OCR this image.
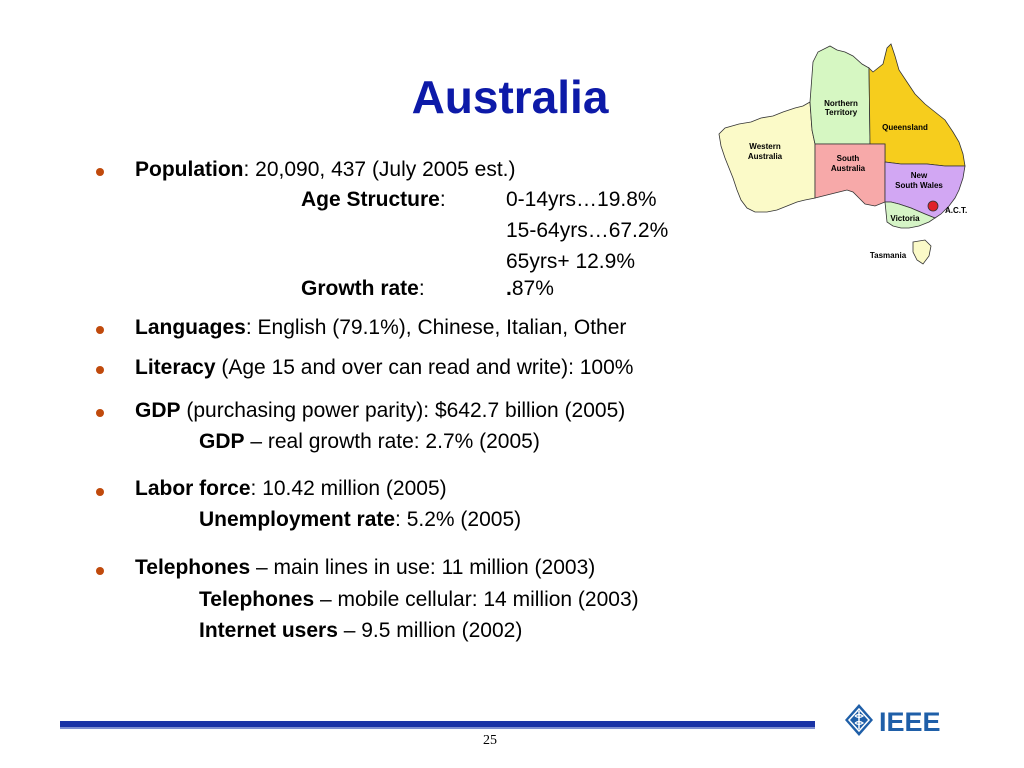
Australia
Western
Australia
Northern
Territory
Queensland
South
Australia
New
South Wales
Victoria
A.C.T.
Tasmania
Population: 20,090, 437 (July 2005 est.)
Age Structure:	0-14yrs…19.8%
15-64yrs…67.2%
65yrs+ 12.9%
Growth rate:	.87%
Languages: English (79.1%), Chinese, Italian, Other
Literacy (Age 15 and over can read and write): 100%
GDP (purchasing power parity): $642.7 billion (2005)
GDP – real growth rate: 2.7% (2005)
Labor force: 10.42 million (2005)
Unemployment rate: 5.2% (2005)
Telephones – main lines in use: 11 million (2003)
Telephones – mobile cellular: 14 million (2003)
Internet users – 9.5 million (2002)
IEEE
25
